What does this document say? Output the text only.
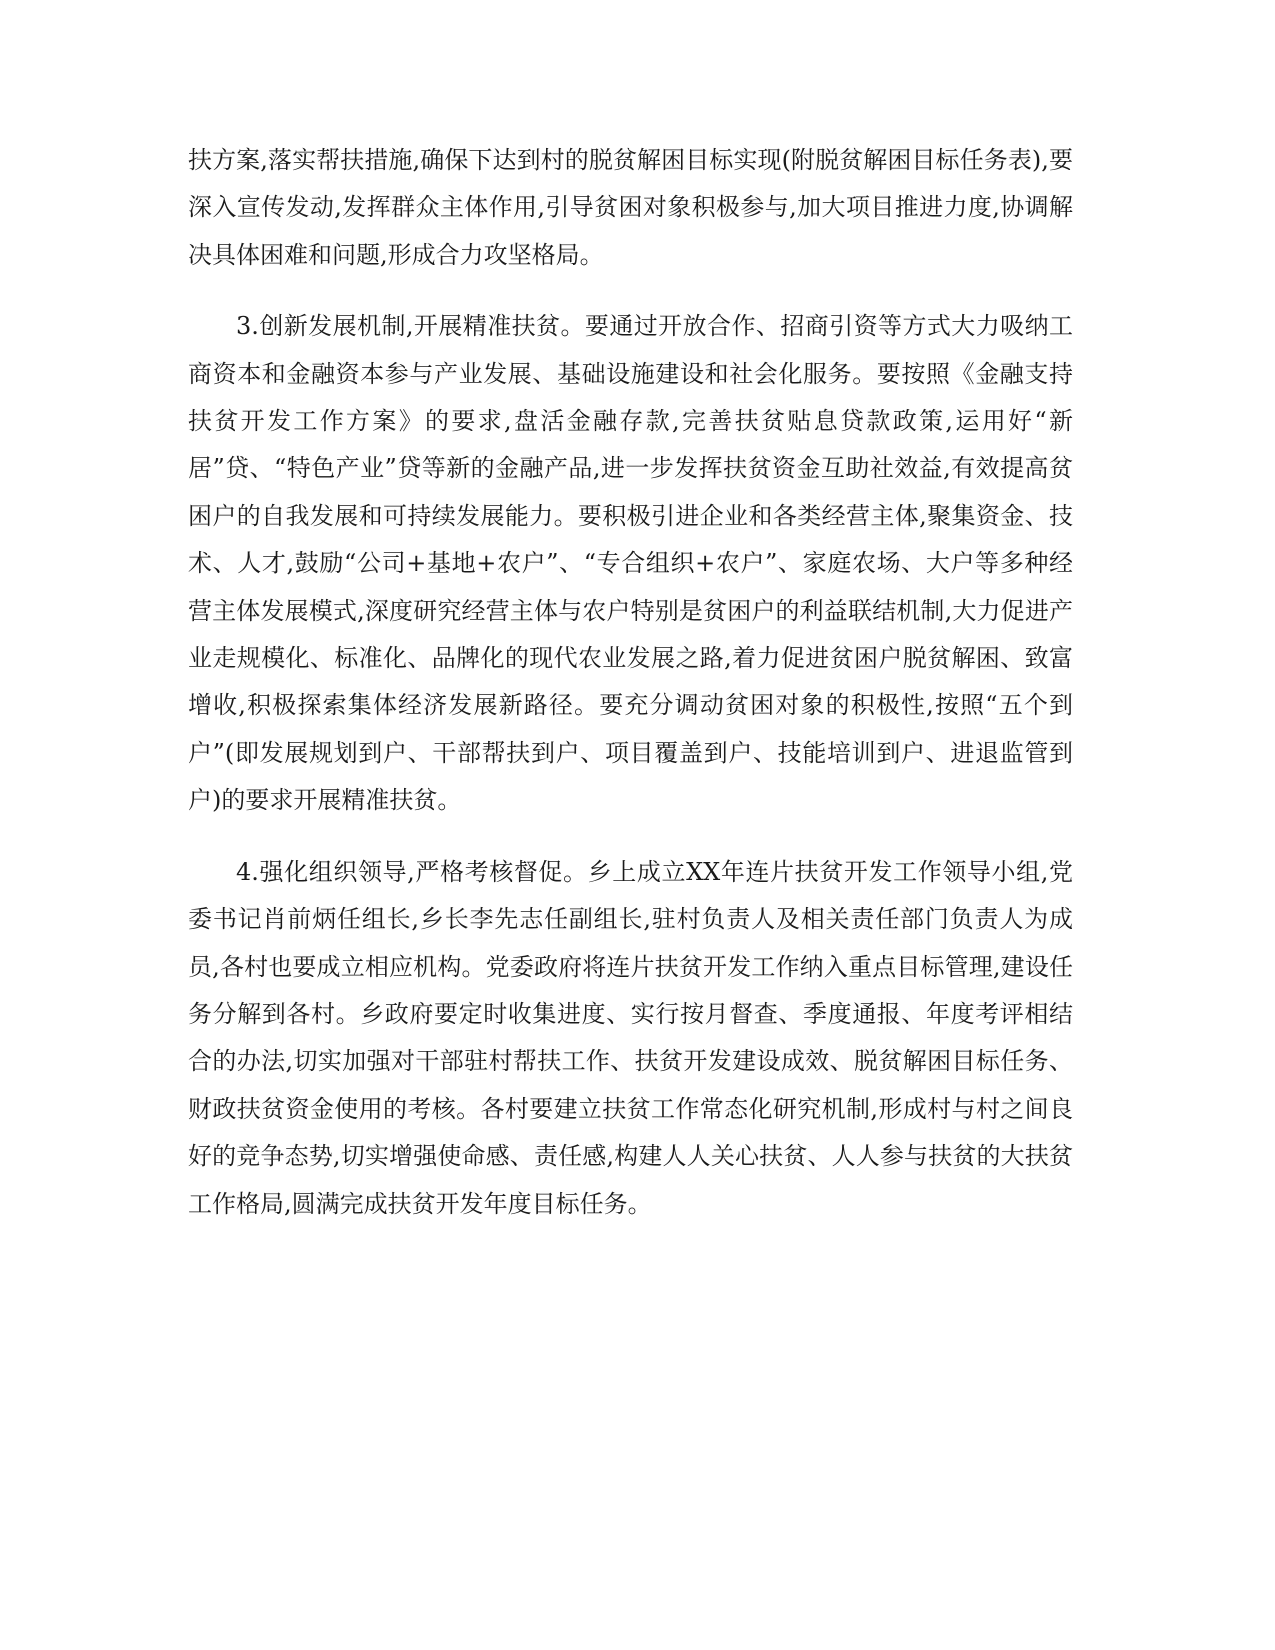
扶方案,落实帮扶措施,确保下达到村的脱贫解困目标实现(附脱贫解困目标任务表),要深入宣传发动,发挥群众主体作用,引导贫困对象积极参与,加大项目推进力度,协调解决具体困难和问题,形成合力攻坚格局。

3.创新发展机制,开展精准扶贫。要通过开放合作、招商引资等方式大力吸纳工商资本和金融资本参与产业发展、基础设施建设和社会化服务。要按照《金融支持扶贫开发工作方案》的要求,盘活金融存款,完善扶贫贴息贷款政策,运用好“新居”贷、“特色产业”贷等新的金融产品,进一步发挥扶贫资金互助社效益,有效提高贫困户的自我发展和可持续发展能力。要积极引进企业和各类经营主体,聚集资金、技术、人才,鼓励“公司+基地+农户”、“专合组织+农户”、家庭农场、大户等多种经营主体发展模式,深度研究经营主体与农户特别是贫困户的利益联结机制,大力促进产业走规模化、标准化、品牌化的现代农业发展之路,着力促进贫困户脱贫解困、致富增收,积极探索集体经济发展新路径。要充分调动贫困对象的积极性,按照“五个到户”(即发展规划到户、干部帮扶到户、项目覆盖到户、技能培训到户、进退监管到户)的要求开展精准扶贫。

4.强化组织领导,严格考核督促。乡上成立XX年连片扶贫开发工作领导小组,党委书记肖前炳任组长,乡长李先志任副组长,驻村负责人及相关责任部门负责人为成员,各村也要成立相应机构。党委政府将连片扶贫开发工作纳入重点目标管理,建设任务分解到各村。乡政府要定时收集进度、实行按月督查、季度通报、年度考评相结合的办法,切实加强对干部驻村帮扶工作、扶贫开发建设成效、脱贫解困目标任务、财政扶贫资金使用的考核。各村要建立扶贫工作常态化研究机制,形成村与村之间良好的竞争态势,切实增强使命感、责任感,构建人人关心扶贫、人人参与扶贫的大扶贫工作格局,圆满完成扶贫开发年度目标任务。
